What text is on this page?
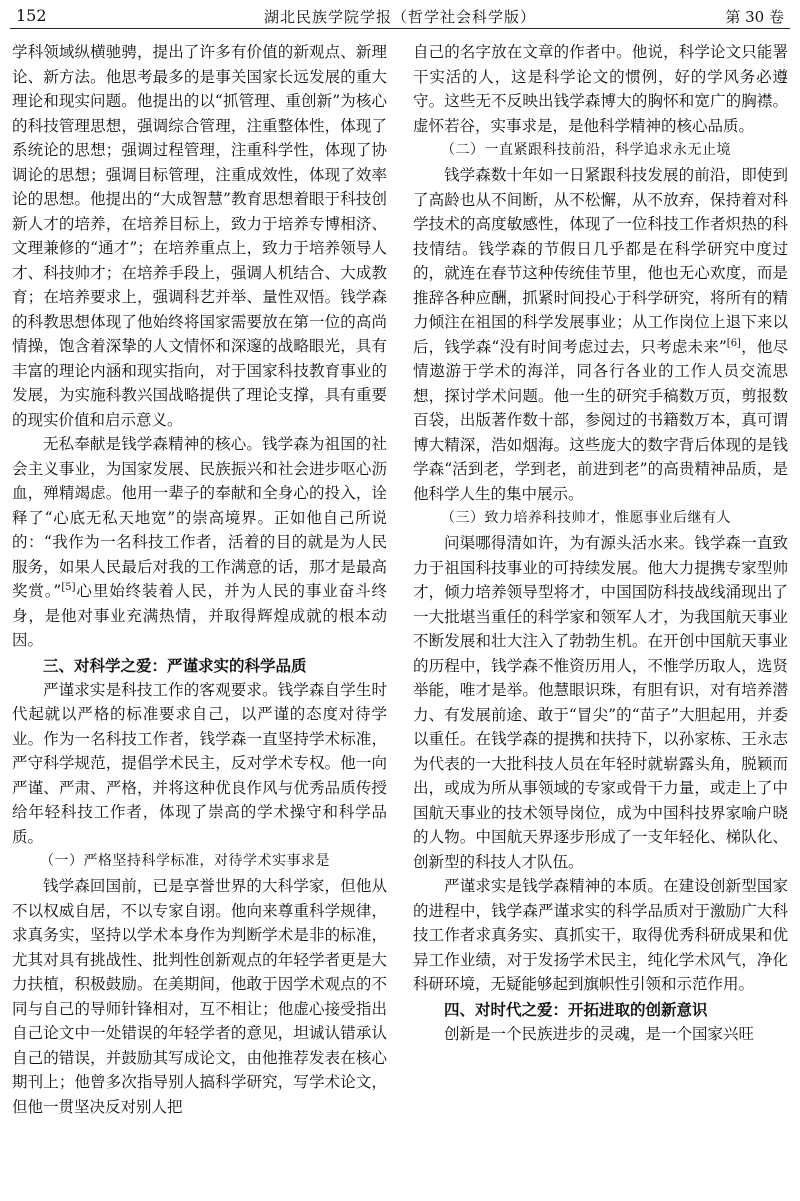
152	湖北民族学院学报（哲学社会科学版）	第 30 卷

学科领域纵横驰骋，提出了许多有价值的新观点、新理论、新方法。他思考最多的是事关国家长远发展的重大理论和现实问题。他提出的以“抓管理、重创新”为核心的科技管理思想，强调综合管理，注重整体性，体现了系统论的思想；强调过程管理，注重科学性，体现了协调论的思想；强调目标管理，注重成效性，体现了效率论的思想。他提出的“大成智慧”教育思想着眼于科技创新人才的培养，在培养目标上，致力于培养专博相济、文理兼修的“通才”；在培养重点上，致力于培养领导人才、科技帅才；在培养手段上，强调人机结合、大成教育；在培养要求上，强调科艺并举、量性双悟。钱学森的科教思想体现了他始终将国家需要放在第一位的高尚情操，饱含着深挚的人文情怀和深邃的战略眼光，具有丰富的理论内涵和现实指向，对于国家科技教育事业的发展，为实施科教兴国战略提供了理论支撑，具有重要的现实价值和启示意义。

无私奉献是钱学森精神的核心。钱学森为祖国的社会主义事业，为国家发展、民族振兴和社会进步呕心沥血，殚精竭虑。他用一辈子的奉献和全身心的投入，诠释了“心底无私天地宽”的崇高境界。正如他自己所说的：“我作为一名科技工作者，活着的目的就是为人民服务，如果人民最后对我的工作满意的话，那才是最高奖赏。”[5]心里始终装着人民，并为人民的事业奋斗终身，是他对事业充满热情，并取得辉煌成就的根本动因。

三、对科学之爱：严谨求实的科学品质

严谨求实是科技工作的客观要求。钱学森自学生时代起就以严格的标准要求自己，以严谨的态度对待学业。作为一名科技工作者，钱学森一直坚持学术标准，严守科学规范，提倡学术民主，反对学术专权。他一向严谨、严肃、严格，并将这种优良作风与优秀品质传授给年轻科技工作者，体现了崇高的学术操守和科学品质。

（一）严格坚持科学标准，对待学术实事求是

钱学森回国前，已是享誉世界的大科学家，但他从不以权威自居，不以专家自诩。他向来尊重科学规律，求真务实，坚持以学术本身作为判断学术是非的标准，尤其对具有挑战性、批判性创新观点的年轻学者更是大力扶植，积极鼓励。在美期间，他敢于因学术观点的不同与自己的导师针锋相对，互不相让；他虚心接受指出自己论文中一处错误的年轻学者的意见，坦诚认错承认自己的错误，并鼓励其写成论文，由他推荐发表在核心期刊上；他曾多次指导别人搞科学研究，写学术论文，但他一贯坚决反对别人把

自己的名字放在文章的作者中。他说，科学论文只能署干实活的人，这是科学论文的惯例，好的学风务必遵守。这些无不反映出钱学森博大的胸怀和宽广的胸襟。虚怀若谷，实事求是，是他科学精神的核心品质。

（二）一直紧跟科技前沿，科学追求永无止境

钱学森数十年如一日紧跟科技发展的前沿，即使到了高龄也从不间断，从不松懈，从不放弃，保持着对科学技术的高度敏感性，体现了一位科技工作者炽热的科技情结。钱学森的节假日几乎都是在科学研究中度过的，就连在春节这种传统佳节里，他也无心欢度，而是推辞各种应酬，抓紧时间投心于科学研究，将所有的精力倾注在祖国的科学发展事业；从工作岗位上退下来以后，钱学森“没有时间考虑过去，只考虑未来”[6]，他尽情遨游于学术的海洋，同各行各业的工作人员交流思想，探讨学术问题。他一生的研究手稿数万页，剪报数百袋，出版著作数十部，参阅过的书籍数万本，真可谓博大精深，浩如烟海。这些庞大的数字背后体现的是钱学森“活到老，学到老，前进到老”的高贵精神品质，是他科学人生的集中展示。

（三）致力培养科技帅才，惟愿事业后继有人

问渠哪得清如许，为有源头活水来。钱学森一直致力于祖国科技事业的可持续发展。他大力提携专家型帅才，倾力培养领导型将才，中国国防科技战线涌现出了一大批堪当重任的科学家和领军人才，为我国航天事业不断发展和壮大注入了勃勃生机。在开创中国航天事业的历程中，钱学森不惟资历用人，不惟学历取人，选贤举能，唯才是举。他慧眼识珠，有胆有识，对有培养潜力、有发展前途、敢于“冒尖”的“苗子”大胆起用，并委以重任。在钱学森的提携和扶持下，以孙家栋、王永志为代表的一大批科技人员在年轻时就崭露头角，脱颖而出，或成为所从事领域的专家或骨干力量，或走上了中国航天事业的技术领导岗位，成为中国科技界家喻户晓的人物。中国航天界逐步形成了一支年轻化、梯队化、创新型的科技人才队伍。

严谨求实是钱学森精神的本质。在建设创新型国家的进程中，钱学森严谨求实的科学品质对于激励广大科技工作者求真务实、真抓实干，取得优秀科研成果和优异工作业绩，对于发扬学术民主，纯化学术风气，净化科研环境，无疑能够起到旗帜性引领和示范作用。

四、对时代之爱：开拓进取的创新意识

创新是一个民族进步的灵魂，是一个国家兴旺
